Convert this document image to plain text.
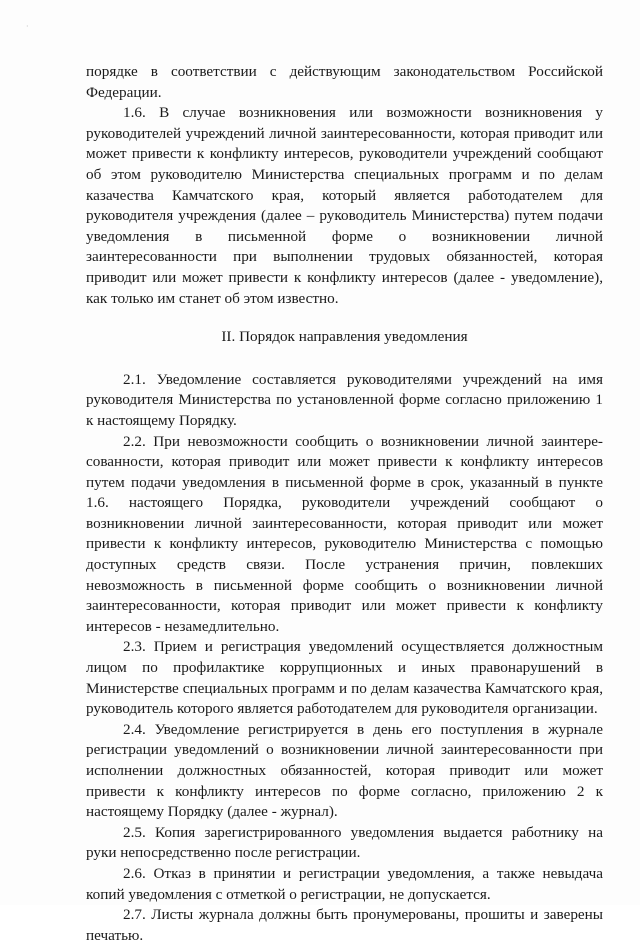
·

порядке в соответствии с действующим законодательством Российской Федерации.

1.6. В случае возникновения или возможности возникновения у руководителей учреждений личной заинтересованности, которая приводит или может привести к конфликту интересов, руководители учреждений сообщают об этом руководителю Министерства специальных программ и по делам казачества Камчатского края, который является работодателем для руководителя учреждения (далее – руководитель Министерства) путем подачи уведомления в письменной форме о возникновении личной заинтересованности при выполнении трудовых обязанностей, которая приводит или может привести к конфликту интересов (далее - уведомление), как только им станет об этом известно.

II. Порядок направления уведомления

2.1. Уведомление составляется руководителями учреждений на имя руководителя Министерства по установленной форме согласно приложению 1 к настоящему Порядку.

2.2. При невозможности сообщить о возникновении личной заинтере-сованности, которая приводит или может привести к конфликту интересов путем подачи уведомления в письменной форме в срок, указанный в пункте 1.6. настоящего Порядка, руководители учреждений сообщают о возникновении личной заинтересованности, которая приводит или может привести к конфликту интересов, руководителю Министерства с помощью доступных средств связи. После устранения причин, повлекших невозможность в письменной форме сообщить о возникновении личной заинтересованности, которая приводит или может привести к конфликту интересов - незамедлительно.

2.3. Прием и регистрация уведомлений осуществляется должностным лицом по профилактике коррупционных и иных правонарушений в Министерстве специальных программ и по делам казачества Камчатского края, руководитель которого является работодателем для руководителя организации.

2.4. Уведомление регистрируется в день его поступления в журнале регистрации уведомлений о возникновении личной заинтересованности при исполнении должностных обязанностей, которая приводит или может привести к конфликту интересов по форме согласно, приложению 2 к настоящему Порядку (далее - журнал).

2.5. Копия зарегистрированного уведомления выдается работнику на руки непосредственно после регистрации.

2.6. Отказ в принятии и регистрации уведомления, а также невыдача копий уведомления с отметкой о регистрации, не допускается.

2.7. Листы журнала должны быть пронумерованы, прошиты и заверены печатью.
